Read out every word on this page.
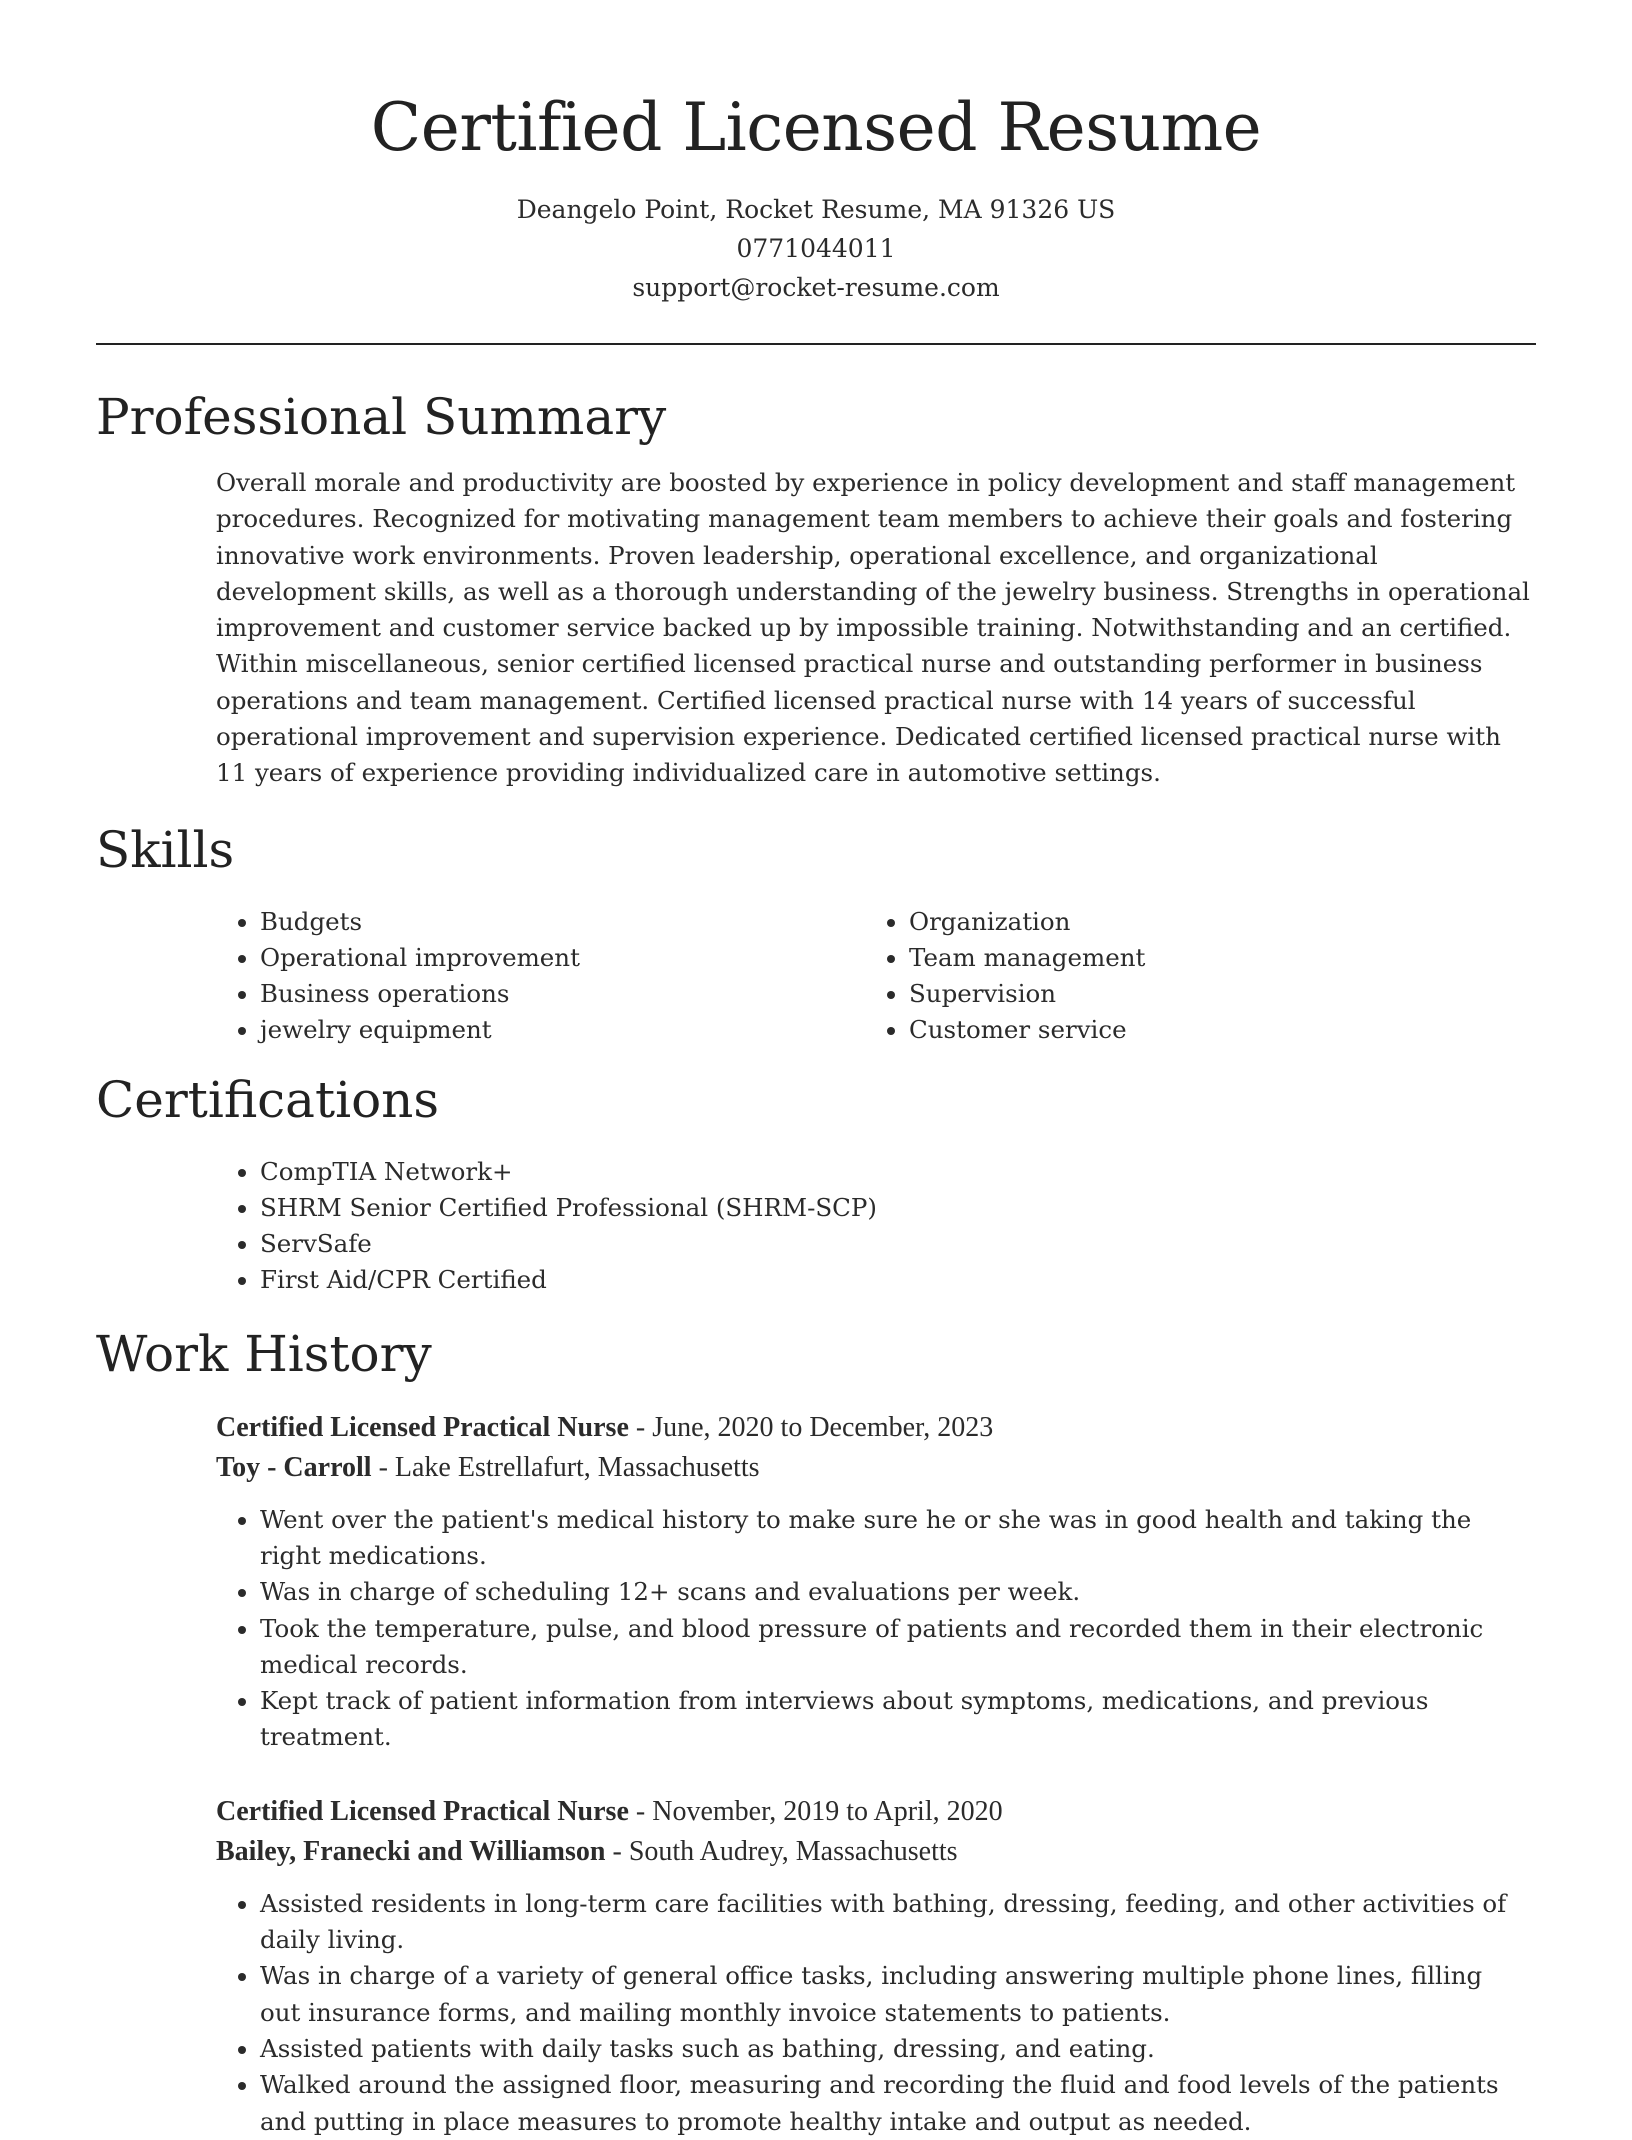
Certified Licensed Resume
Deangelo Point, Rocket Resume, MA 91326 US
0771044011
support@rocket-resume.com
Professional Summary

Overall morale and productivity are boosted by experience in policy development and staff management procedures. Recognized for motivating management team members to achieve their goals and fostering innovative work environments. Proven leadership, operational excellence, and organizational development skills, as well as a thorough understanding of the jewelry business. Strengths in operational improvement and customer service backed up by impossible training. Notwithstanding and an certified. Within miscellaneous, senior certified licensed practical nurse and outstanding performer in business operations and team management. Certified licensed practical nurse with 14 years of successful operational improvement and supervision experience. Dedicated certified licensed practical nurse with 11 years of experience providing individualized care in automotive settings.

Skills
• Budgets
• Operational improvement
• Business operations
• jewelry equipment
• Organization
• Team management
• Supervision
• Customer service
Certifications
• CompTIA Network+
• SHRM Senior Certified Professional (SHRM-SCP)
• ServSafe
• First Aid/CPR Certified
Work History
Certified Licensed Practical Nurse - June, 2020 to December, 2023
Toy - Carroll - Lake Estrellafurt, Massachusetts
• Went over the patient's medical history to make sure he or she was in good health and taking the right medications.
• Was in charge of scheduling 12+ scans and evaluations per week.
• Took the temperature, pulse, and blood pressure of patients and recorded them in their electronic medical records.
• Kept track of patient information from interviews about symptoms, medications, and previous treatment.
Certified Licensed Practical Nurse - November, 2019 to April, 2020
Bailey, Franecki and Williamson - South Audrey, Massachusetts
• Assisted residents in long-term care facilities with bathing, dressing, feeding, and other activities of daily living.
• Was in charge of a variety of general office tasks, including answering multiple phone lines, filling out insurance forms, and mailing monthly invoice statements to patients.
• Assisted patients with daily tasks such as bathing, dressing, and eating.
• Walked around the assigned floor, measuring and recording the fluid and food levels of the patients and putting in place measures to promote healthy intake and output as needed.
